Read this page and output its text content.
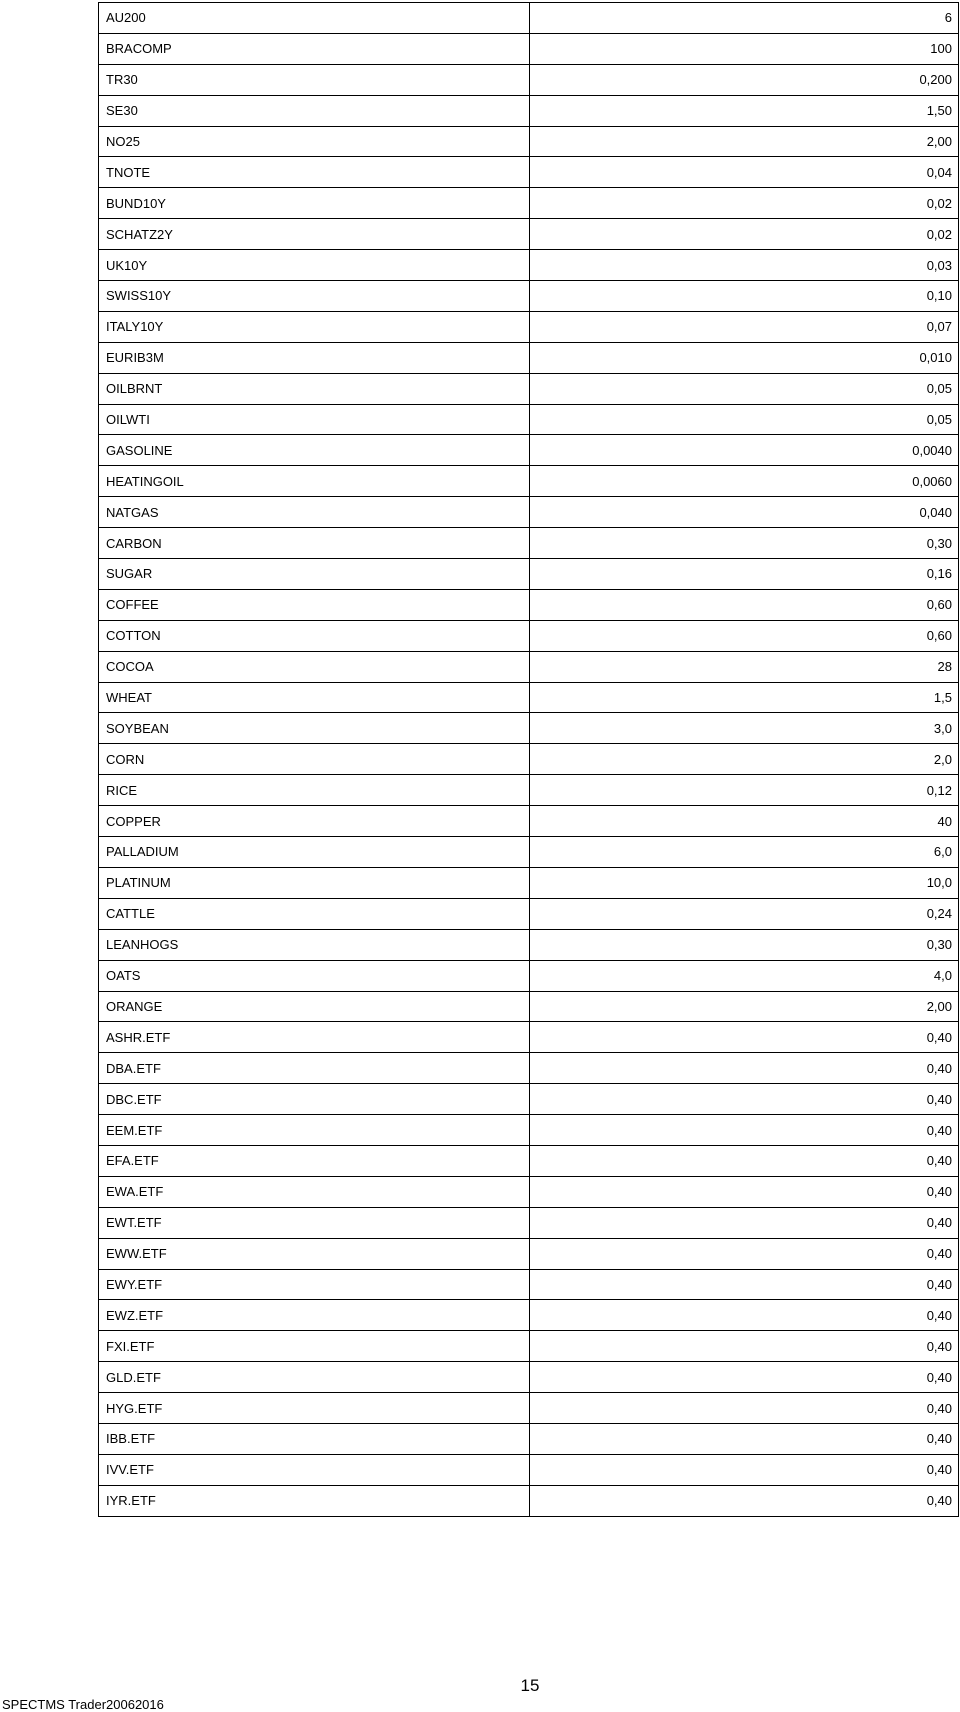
AU200	6
BRACOMP	100
TR30	0,200
SE30	1,50
NO25	2,00
TNOTE	0,04
BUND10Y	0,02
SCHATZ2Y	0,02
UK10Y	0,03
SWISS10Y	0,10
ITALY10Y	0,07
EURIB3M	0,010
OILBRNT	0,05
OILWTI	0,05
GASOLINE	0,0040
HEATINGOIL	0,0060
NATGAS	0,040
CARBON	0,30
SUGAR	0,16
COFFEE	0,60
COTTON	0,60
COCOA	28
WHEAT	1,5
SOYBEAN	3,0
CORN	2,0
RICE	0,12
COPPER	40
PALLADIUM	6,0
PLATINUM	10,0
CATTLE	0,24
LEANHOGS	0,30
OATS	4,0
ORANGE	2,00
ASHR.ETF	0,40
DBA.ETF	0,40
DBC.ETF	0,40
EEM.ETF	0,40
EFA.ETF	0,40
EWA.ETF	0,40
EWT.ETF	0,40
EWW.ETF	0,40
EWY.ETF	0,40
EWZ.ETF	0,40
FXI.ETF	0,40
GLD.ETF	0,40
HYG.ETF	0,40
IBB.ETF	0,40
IVV.ETF	0,40
IYR.ETF	0,40
15
SPECTMS Trader20062016
